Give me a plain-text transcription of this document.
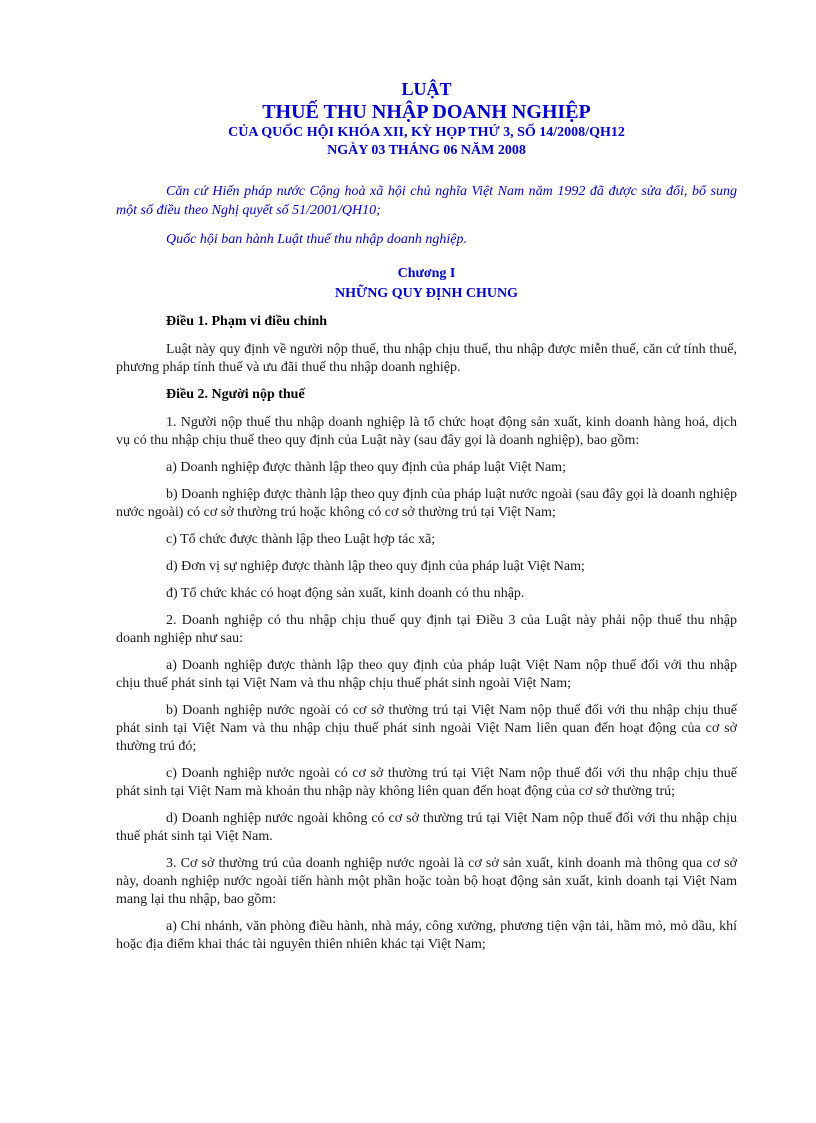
LUẬT
THUẾ THU NHẬP DOANH NGHIỆP
CỦA QUỐC HỘI KHÓA XII, KỲ HỌP THỨ 3, SỐ 14/2008/QH12
NGÀY 03 THÁNG 06 NĂM 2008

Căn cứ Hiến pháp nước Cộng hoà xã hội chủ nghĩa Việt Nam năm 1992 đã được sửa đổi, bổ sung một số điều theo Nghị quyết số 51/2001/QH10;

Quốc hội ban hành Luật thuế thu nhập doanh nghiệp.

Chương I
NHỮNG QUY ĐỊNH CHUNG
Điều 1. Phạm vi điều chỉnh

Luật này quy định về người nộp thuế, thu nhập chịu thuế, thu nhập được miễn thuế, căn cứ tính thuế, phương pháp tính thuế và ưu đãi thuế thu nhập doanh nghiệp.

Điều 2. Người nộp thuế

1. Người nộp thuế thu nhập doanh nghiệp là tổ chức hoạt động sản xuất, kinh doanh hàng hoá, dịch vụ có thu nhập chịu thuế theo quy định của Luật này (sau đây gọi là doanh nghiệp), bao gồm:

a) Doanh nghiệp được thành lập theo quy định của pháp luật Việt Nam;

b) Doanh nghiệp được thành lập theo quy định của pháp luật nước ngoài (sau đây gọi là doanh nghiệp nước ngoài) có cơ sở thường trú hoặc không có cơ sở thường trú tại Việt Nam;

c) Tổ chức được thành lập theo Luật hợp tác xã;

d) Đơn vị sự nghiệp được thành lập theo quy định của pháp luật Việt Nam;

đ) Tổ chức khác có hoạt động sản xuất, kinh doanh có thu nhập.

2. Doanh nghiệp có thu nhập chịu thuế quy định tại Điều 3 của Luật này phải nộp thuế thu nhập doanh nghiệp như sau:

a) Doanh nghiệp được thành lập theo quy định của pháp luật Việt Nam nộp thuế đối với thu nhập chịu thuế phát sinh tại Việt Nam và thu nhập chịu thuế phát sinh ngoài Việt Nam;

b) Doanh nghiệp nước ngoài có cơ sở thường trú tại Việt Nam nộp thuế đối với thu nhập chịu thuế phát sinh tại Việt Nam và thu nhập chịu thuế phát sinh ngoài Việt Nam liên quan đến hoạt động của cơ sở thường trú đó;

c) Doanh nghiệp nước ngoài có cơ sở thường trú tại Việt Nam nộp thuế đối với thu nhập chịu thuế phát sinh tại Việt Nam mà khoản thu nhập này không liên quan đến hoạt động của cơ sở thường trú;

d) Doanh nghiệp nước ngoài không có cơ sở thường trú tại Việt Nam nộp thuế đối với thu nhập chịu thuế phát sinh tại Việt Nam.

3. Cơ sở thường trú của doanh nghiệp nước ngoài là cơ sở sản xuất, kinh doanh mà thông qua cơ sở này, doanh nghiệp nước ngoài tiến hành một phần hoặc toàn bộ hoạt động sản xuất, kinh doanh tại Việt Nam mang lại thu nhập, bao gồm:

a) Chi nhánh, văn phòng điều hành, nhà máy, công xưởng, phương tiện vận tải, hầm mỏ, mỏ dầu, khí hoặc địa điểm khai thác tài nguyên thiên nhiên khác tại Việt Nam;
